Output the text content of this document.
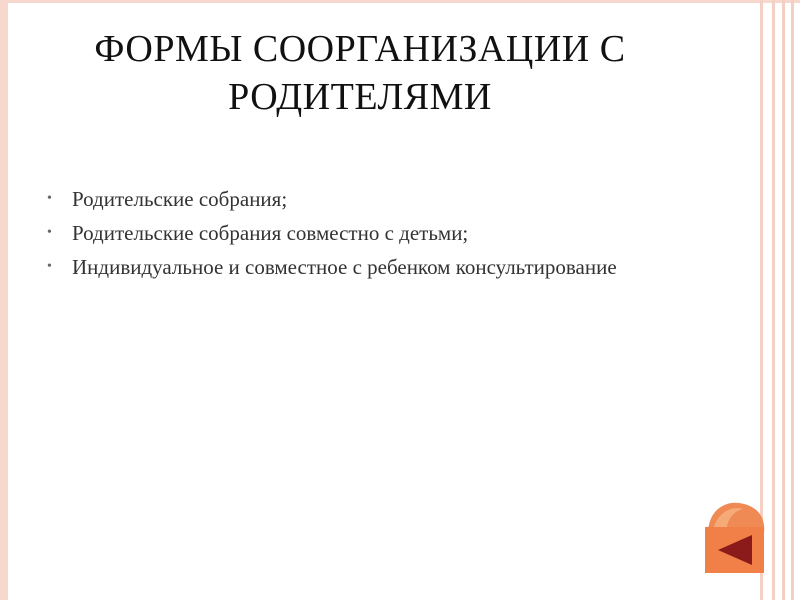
ФОРМЫ СООРГАНИЗАЦИИ С
РОДИТЕЛЯМИ
• Родительские собрания;
• Родительские собрания совместно с детьми;
• Индивидуальное и совместное с ребенком консультирование
